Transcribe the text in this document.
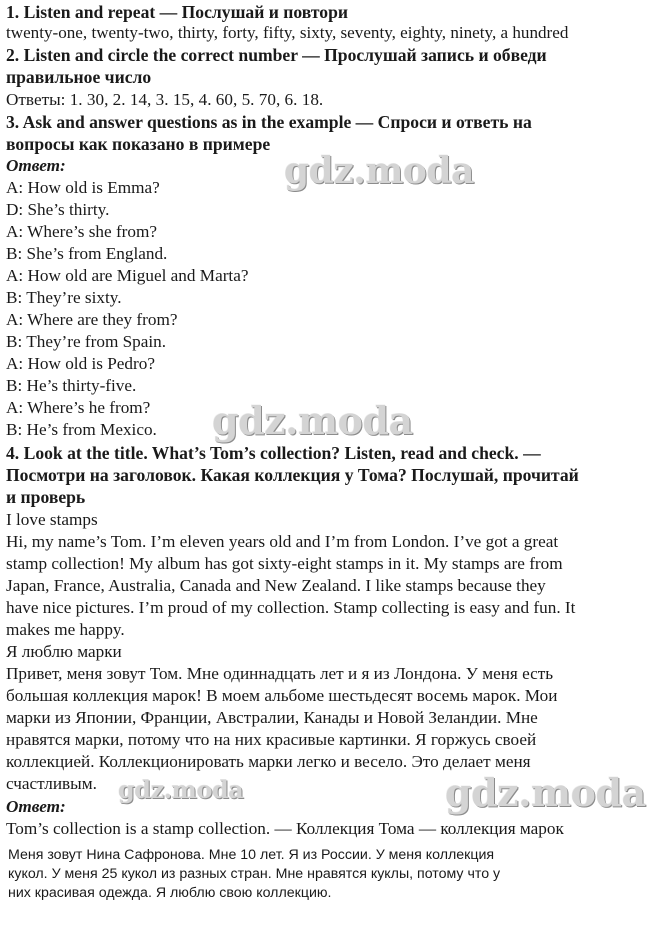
1. Listen and repeat — Послушай и повтори
twenty-one, twenty-two, thirty, forty, fifty, sixty, seventy, eighty, ninety, a hundred
2. Listen and circle the correct number — Прослушай запись и обведи
правильное число
Ответы: 1. 30, 2. 14, 3. 15, 4. 60, 5. 70, 6. 18.
3. Ask and answer questions as in the example — Спроси и ответь на
вопросы как показано в примере
Ответ:
A: How old is Emma?
D: She’s thirty.
A: Where’s she from?
B: She’s from England.
A: How old are Miguel and Marta?
B: They’re sixty.
A: Where are they from?
B: They’re from Spain.
A: How old is Pedro?
B: He’s thirty-five.
A: Where’s he from?
B: He’s from Mexico.
4. Look at the title. What’s Tom’s collection? Listen, read and check. —
Посмотри на заголовок. Какая коллекция у Тома? Послушай, прочитай
и проверь
I love stamps
Hi, my name’s Tom. I’m eleven years old and I’m from London. I’ve got a great
stamp collection! My album has got sixty-eight stamps in it. My stamps are from
Japan, France, Australia, Canada and New Zealand. I like stamps because they
have nice pictures. I’m proud of my collection. Stamp collecting is easy and fun. It
makes me happy.
Я люблю марки
Привет, меня зовут Том. Мне одиннадцать лет и я из Лондона. У меня есть
большая коллекция марок! В моем альбоме шестьдесят восемь марок. Мои
марки из Японии, Франции, Австралии, Канады и Новой Зеландии. Мне
нравятся марки, потому что на них красивые картинки. Я горжусь своей
коллекцией. Коллекционировать марки легко и весело. Это делает меня
счастливым.
Ответ:
Tom’s collection is a stamp collection. — Коллекция Тома — коллекция марок
Меня зовут Нина Сафронова. Мне 10 лет. Я из России. У меня коллекция
кукол. У меня 25 кукол из разных стран. Мне нравятся куклы, потому что у
них красивая одежда. Я люблю свою коллекцию.
gdz.moda
gdz.moda
gdz.moda	gdz.moda
